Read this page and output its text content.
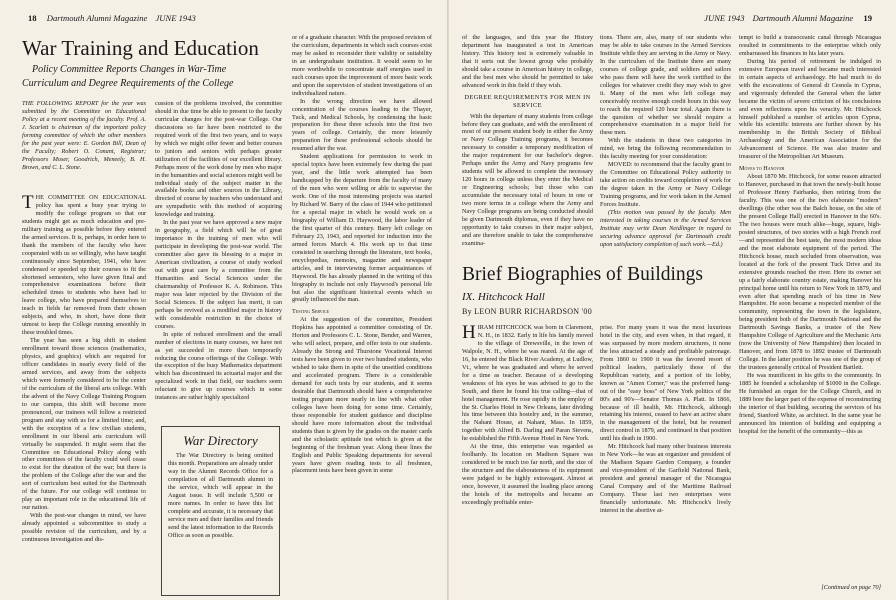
18 Dartmouth Alumni Magazine JUNE 1943
War Training and Education
Policy Committee Reports Changes in War-Time
Curriculum and Degree Requirements of the College
THE FOLLOWING REPORT for the year was submitted by the Committee on Educational Policy at a recent meeting of the faculty. Prof. A. J. Scarlett is chairman of the important policy forming committee of which the other members for the past year were: E. Gordon Bill, Dean of the Faculty; Robert O. Conant, Registrar; Professors Moser, Goodrich, Meneely, B. H. Brown, and C. L. Stone.

THE COMMITTEE ON EDUCATIONAL policy has spent a busy year trying to modify the college program so that our students might get as much education and pre-military training as possible before they entered the armed services. It is, perhaps, in order here to thank the members of the faculty who have cooperated with us so willingly, who have taught continuously since September, 1941, who have condensed or speeded up their courses to fit the shortened semesters, who have given final and comprehensive examinations before their scheduled times to students who have had to leave college, who have prepared themselves to teach in fields far removed from their chosen subjects, and who, in short, have done their utmost to keep the College running smoothly in these troubled times.

The year has seen a big shift in student enrollment toward those sciences (mathematics, physics, and graphics) which are required for officer candidates in nearly every field of the armed services, and away from the subjects which were formerly considered to be the center of the curriculum of the liberal arts college. With the advent of the Navy College Training Program to our campus, this shift will become more pronounced, our trainees will follow a restricted program and stay with us for a limited time; and, with the exception of a few civilian students, enrollment in our liberal arts curriculum will virtually be suspended. It might seem that the Committee on Educational Policy along with other committees of the faculty could well cease to exist for the duration of the war; but there is the problem of the College after the war and the sort of curriculum best suited for the Dartmouth of the future. For our college will continue to play an important role in the educational life of our nation.

With the post-war changes in mind, we have already appointed a subcommittee to study a possible revision of the curriculum, and by a continuous investigation and dis-

cussion of the problems involved, the committee should in due time be able to present to the faculty curricular changes for the post-war College. Our discussions so far have been restricted to the required work of the first two years, and to ways by which we might offer fewer and better courses to juniors and seniors with perhaps greater utilization of the facilities of our excellent library. Perhaps more of the work done by men who major in the humanities and social sciences might well be individual study of the subject matter in the available books and other sources in the Library, directed of course by teachers who understand and are sympathetic with this method of acquiring knowledge and training.

In the past year we have approved a new major in geography, a field which will be of great importance in the training of men who will participate in developing the post-war world. The committee also gave its blessing to a major in American civilization, a course of study worked out with great care by a committee from the Humanities and Social Sciences under the chairmanship of Professor K. A. Robinson. This major was later rejected by the Division of the Social Sciences. If the subject has merit, it can perhaps be revived as a modified major in history with considerable restriction in the choice of courses.

In spite of reduced enrollment and the small number of elections in many courses, we have not as yet succeeded in more than temporarily reducing the course offerings of the College. With the exception of the busy Mathematics department which has discontinued its actuarial major and the specialized work in that field, our teachers seem reluctant to give up courses which in some instances are rather highly specialized

War Directory

The War Directory is being omitted this month. Preparations are already under way in the Alumni Records Office for a compilation of all Dartmouth alumni in the service, which will appear in the August issue. It will include 5,500 or more names. In order to have this list complete and accurate, it is necessary that service men and their families and friends send the latest information to the Records Office as soon as possible.

or of a graduate character. With the proposed revision of the curriculum, departments in which such courses exist may be asked to reconsider their validity or suitability in an undergraduate institution. It would seem to be more worthwhile to concentrate staff energies used in such courses upon the improvement of more basic work and upon the supervision of student investigations of an individualized nature.

In the wrong direction we have allowed concentration of the courses leading to the Thayer, Tuck, and Medical Schools, by condensing the basic preparation for these three schools into the first two years of college. Certainly, the more leisurely preparation for these professional schools should be resumed after the war.

Student applications for permission to work in special topics have been extremely few during the past year, and the little work attempted has been handicapped by the departure from the faculty of many of the men who were willing or able to supervise the work. One of the most interesting projects was started by Richard W. Barry of the class of 1944 who petitioned for a special major in which he would work on a biography of William D. Haywood, the labor leader of the first quarter of this century. Barry left college on February 23, 1943, and reported for induction into the armed forces March 4. His work up to that time consisted in searching through the literature, text books, encyclopedias, memoirs, magazine and newspaper articles, and in interviewing former acquaintances of Haywood. He has already planned in the writing of this biography to include not only Haywood's personal life but also the significant historical events which so greatly influenced the man.

Testing Service

At the suggestion of the committee, President Hopkins has appointed a committee consisting of Dr. Horton and Professors C. L. Stone, Bender, and Warren, who will select, prepare, and offer tests to our students. Already the Strong and Thurstone Vocational Interest tests have been given to over two hundred students, who wished to take them in spite of the unsettled conditions and accelerated program. There is a considerable demand for such tests by our students, and it seems desirable that Dartmouth should have a comprehensive testing program more nearly in line with what other colleges have been doing for some time. Certainly, those responsible for student guidance and discipline should have more information about the individual students than is given by the grades on the master cards and the scholastic aptitude test which is given at the beginning of the freshman year. Along these lines the English and Public Speaking departments for several years have given reading tests to all freshmen, placement tests have been given in some

JUNE 1943 Dartmouth Alumni Magazine 19

of the languages, and this year the History department has inaugurated a test in American history. This history test is extremely valuable in that it sorts out the lowest group who probably should take a course in American history in college, and the best men who should be permitted to take advanced work in this field if they wish.

DEGREE REQUIREMENTS FOR MEN IN SERVICE

With the departure of many students from college before they can graduate, and with the enrollment of most of our present student body in either the Army or Navy College Training programs, it becomes necessary to consider a temporary modification of the major requirement for our bachelor's degree. Perhaps under the Army and Navy programs few students will be allowed to complete the necessary 120 hours in college unless they enter the Medical or Engineering schools; but those who can accumulate the necessary total of hours in one or two more terms in a college where the Army and Navy College programs are being conducted should be given Dartmouth diplomas, even if they have no opportunity to take courses in their major subject, and are therefore unable to take the comprehensive examina-

tions. There are, also, many of our students who may be able to take courses in the Armed Services Institute while they are serving in the Army or Navy. In the curriculum of the Institute there are many courses of college grade, and soldiers and sailors who pass them will have the work certified to the colleges for whatever credit they may wish to give it. Many of the men who left college may conceivably receive enough credit hours in this way to reach the required 120 hour total. Again there is the question of whether we should require a comprehensive examination in a major field for these men.

With the students in these two categories in mind, we bring the following recommendation to this faculty meeting for your consideration:

MOVED: to recommend that the faculty grant to the Committee on Educational Policy authority to take action on credits toward completion of work for the degree taken in the Army or Navy College Training programs, and for work taken in the Armed Forces Institute.

(This motion was passed by the faculty. Men interested in taking courses in the Armed Services Institute may write Dean Neidlinger in regard to securing advance approval for Dartmouth credit upon satisfactory completion of such work.—Ed.)

Brief Biographies of Buildings
IX. Hitchcock Hall
By LEON BURR RICHARDSON '00

HIRAM HITCHCOCK was born in Claremont, N. H., in 1832. Early in life his family moved to the village of Drewsville, in the town of Walpole, N. H., where he was reared. At the age of 16, he entered the Black River Academy, at Ludlow, Vt., where he was graduated and where he served for a time as teacher. Because of a developing weakness of his eyes he was advised to go to the South, and there he found his true calling—that of hotel management. He rose rapidly in the employ of the St. Charles Hotel in New Orleans, later dividing his time between this hostelry and, in the summer, the Nahant House, at Nahant, Mass. In 1859, together with Alfred B. Darling and Paran Stevens, he established the Fifth Avenue Hotel in New York.

At the time, this enterprise was regarded as foolhardy. Its location on Madison Square was considered to be much too far north, and the size of the structure and the elaborateness of its equipment were judged to be highly extravagant. Almost at once, however, it assumed the leading place among the hotels of the metropolis and became an exceedingly profitable enter-

prise. For many years it was the most luxurious hotel in the city, and even when, in that regard, it was surpassed by more modern structures, it none the less attracted a steady and profitable patronage. From 1860 to 1900 it was the favored resort of political leaders, particularly those of the Republican variety, and a portion of its lobby, known as "Amen Corner," was the preferred hang-out of the "easy boss" of New York politics of the 80's and 90's—Senator Thomas A. Platt. In 1866, because of ill health, Mr. Hitchcock, although retaining his interest, ceased to have an active share in the management of the hotel, but he resumed direct control in 1879, and continued in that position until his death in 1900.

Mr. Hitchcock had many other business interests in New York—he was an organizer and president of the Madison Square Garden Company, a founder and vice-president of the Garfield National Bank, president and general manager of the Nicaragua Canal Company and of the Maritime Railroad Company. These last two enterprises were financially unfortunate. Mr. Hitchcock's lively interest in the abortive at-

tempt to build a transoceanic canal through Nicaragua resulted in commitments to the enterprise which only embarrassed his finances in his later years.

During his period of retirement he indulged in extensive European travel and became much interested in certain aspects of archaeology. He had much to do with the excavations of General di Cesnola in Cyprus, and vigorously defended the General when the latter became the victim of severe criticism of his conclusions and even reflections upon his veracity. Mr. Hitchcock himself published a number of articles upon Cyprus, while his scientific interests are further shown by his membership in the British Society of Biblical Archaeology and the American Association for the Advancement of Science. He was also trustee and treasurer of the Metropolitan Art Museum.

Moves to Hanover

About 1870 Mr. Hitchcock, for some reason attracted to Hanover, purchased in that town the newly-built house of Professor Henry Fairbanks, then retiring from the faculty. This was one of the two elaborate "modern" dwellings (the other was the Balch house, on the site of the present College Hall) erected in Hanover in the 60's. The two houses were much alike—huge, square, high-posted structures, of two stories with a high French roof—and represented the best taste, the most modern ideas and the most elaborate equipment of the period. The Hitchcock house, much secluded from observation, was located at the fork of the present Tuck Drive and its extensive grounds reached the river. Here its owner set up a fairly elaborate country estate, making Hanover his principal home until his return to New York in 1879, and even after that spending much of his time in New Hampshire. He soon became a respected member of the community, representing the town in the legislature, being president both of the Dartmouth National and the Dartmouth Savings Banks, a trustee of the New Hampshire College of Agriculture and the Mechanic Arts (now the University of New Hampshire) then located in Hanover, and from 1878 to 1892 trustee of Dartmouth College. In the latter position he was one of the group of the trustees generally critical of President Bartlett.

He was munificent in his gifts to the community. In 1885 he founded a scholarship of $1000 in the College. He furnished an organ for the College Church, and in 1889 bore the larger part of the expense of reconstructing the interior of that building, securing the services of his friend, Stanford White, as architect. In the same year he announced his intention of building and equipping a hospital for the benefit of the community—this as

[Continued on page 70]
